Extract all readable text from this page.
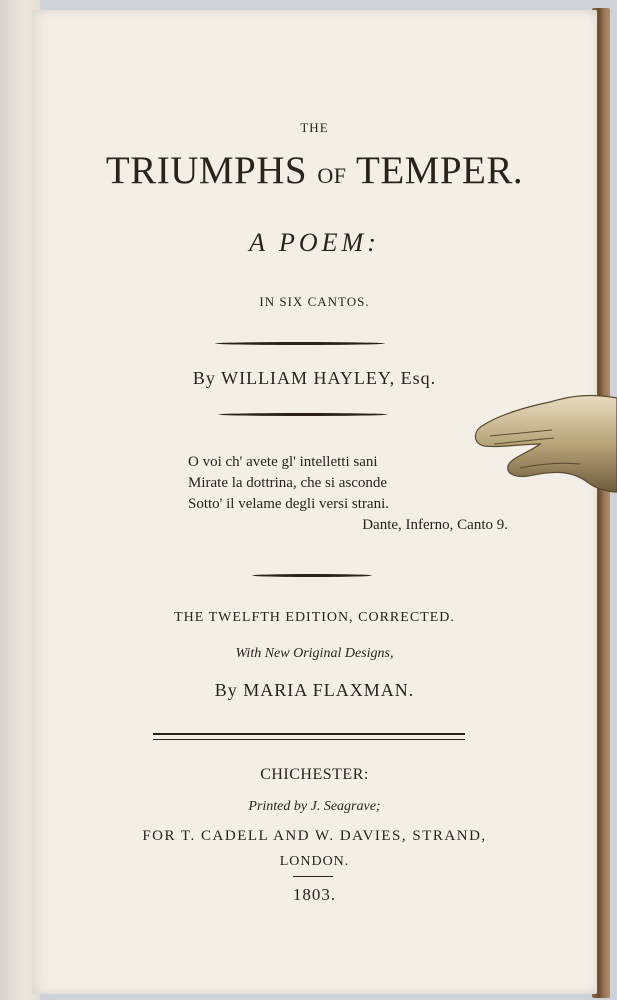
THE
TRIUMPHS OF TEMPER.
A POEM:
IN SIX CANTOS.
By WILLIAM HAYLEY, Esq.
O voi ch' avete gl' intelletti sani
Mirate la dottrina, che si asconde
Sotto' il velame degli versi strani.
Dante, Inferno, Canto 9.
THE TWELFTH EDITION, CORRECTED.
With New Original Designs,
By MARIA FLAXMAN.
CHICHESTER:
Printed by J. Seagrave;
FOR T. CADELL AND W. DAVIES, STRAND,
LONDON.
1803.
